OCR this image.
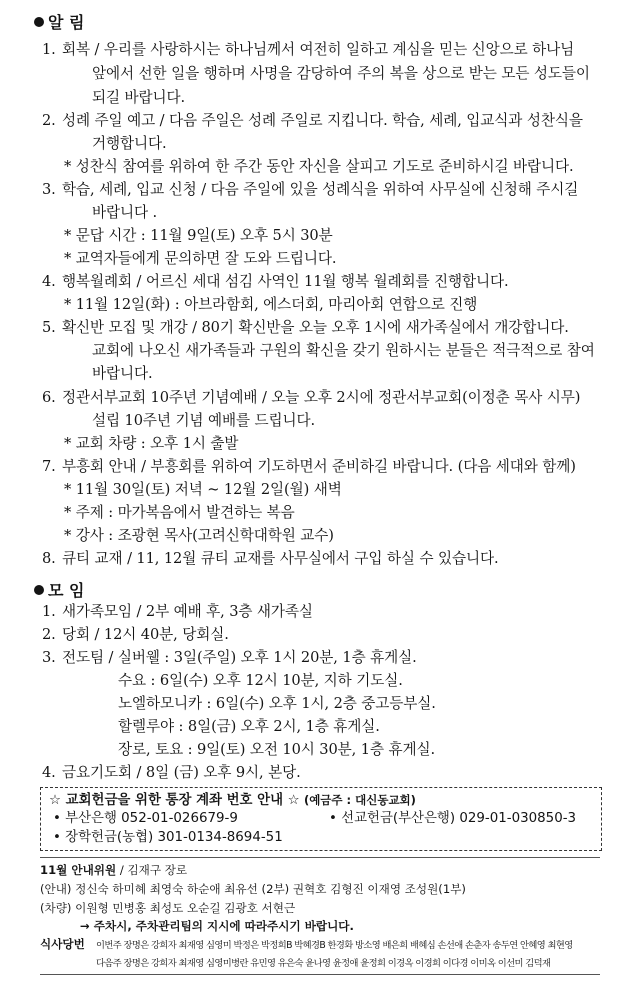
알 림
1. 회복 / 우리를 사랑하시는 하나님께서 여전히 일하고 계심을 믿는 신앙으로 하나님
앞에서 선한 일을 행하며 사명을 감당하여 주의 복을 상으로 받는 모든 성도들이
되길 바랍니다.
2. 성례 주일 예고 / 다음 주일은 성례 주일로 지킵니다. 학습, 세례, 입교식과 성찬식을
거행합니다.
* 성찬식 참여를 위하여 한 주간 동안 자신을 살피고 기도로 준비하시길 바랍니다.
3. 학습, 세례, 입교 신청 / 다음 주일에 있을 성례식을 위하여 사무실에 신청해 주시길
바랍니다 .
* 문답 시간 : 11월 9일(토) 오후 5시 30분
* 교역자들에게 문의하면 잘 도와 드립니다.
4. 행복월례회 / 어르신 세대 섬김 사역인 11월 행복 월례회를 진행합니다.
* 11월 12일(화) : 아브라함회, 에스더회, 마리아회 연합으로 진행
5. 확신반 모집 및 개강 / 80기 확신반을 오늘 오후 1시에 새가족실에서 개강합니다.
교회에 나오신 새가족들과 구원의 확신을 갖기 원하시는 분들은 적극적으로 참여
바랍니다.
6. 정관서부교회 10주년 기념예배 / 오늘 오후 2시에 정관서부교회(이정춘 목사 시무)
설립 10주년 기념 예배를 드립니다.
* 교회 차량 : 오후 1시 출발
7. 부흥회 안내 / 부흥회를 위하여 기도하면서 준비하길 바랍니다. (다음 세대와 함께)
* 11월 30일(토) 저녁 ~ 12월 2일(월) 새벽
* 주제 : 마가복음에서 발견하는 복음
* 강사 : 조광현 목사(고려신학대학원 교수)
8. 큐티 교재 / 11, 12월 큐티 교재를 사무실에서 구입 하실 수 있습니다.
모 임
1. 새가족모임 / 2부 예배 후, 3층 새가족실
2. 당회 / 12시 40분, 당회실.
3. 전도팀 / 실버웰 : 3일(주일) 오후 1시 20분, 1층 휴게실.
수요 : 6일(수) 오후 12시 10분, 지하 기도실.
노엘하모니카 : 6일(수) 오후 1시, 2층 중고등부실.
할렐루야 : 8일(금) 오후 2시, 1층 휴게실.
장로, 토요 : 9일(토) 오전 10시 30분, 1층 휴게실.
4. 금요기도회 / 8일 (금) 오후 9시, 본당.
☆ 교회헌금을 위한 통장 계좌 번호 안내 ☆ (예금주 : 대신동교회)
• 부산은행 052-01-026679-9	• 선교헌금(부산은행) 029-01-030850-3
• 장학헌금(농협) 301-0134-8694-51
11월 안내위원 / 김재구 장로
(안내) 정신숙 하미혜 최영숙 하순애 최유선 (2부) 권혁호 김형진 이재영 조성원(1부)
(차량) 이원형 민병홍 최성도 오순길 김광호 서현근
→ 주차시, 주차관리팀의 지시에 따라주시기 바랍니다.
식사당번 이번주 장명은 강희자 최재영 심영미 박정은 박정희B 박혜경B 한경화 방소영 배은희 배혜심 손선애 손춘자 송두연 안혜영 최현영
다음주 장명은 강희자 최재영 심영미병란 유민영 유은숙 윤나영 윤정애 윤정희 이경옥 이경희 이다경 이미옥 이선미 김덕재
